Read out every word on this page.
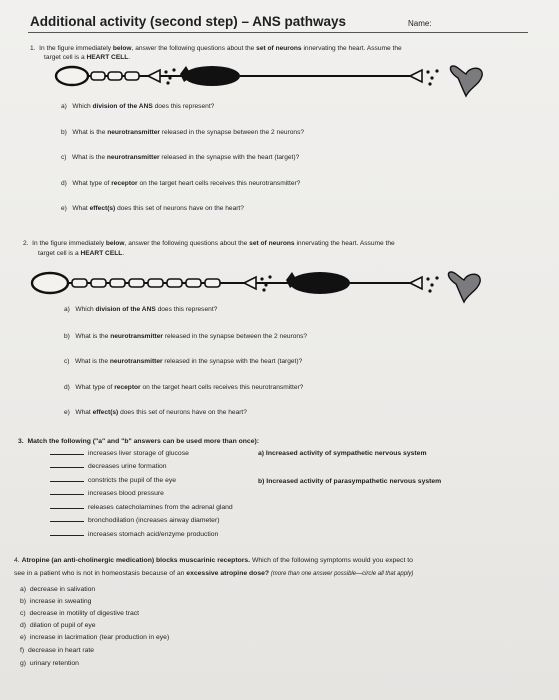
Additional activity (second step) – ANS pathways	Name:
1. In the figure immediately below, answer the following questions about the set of neurons innervating the heart. Assume the
target cell is a HEART CELL.
a) Which division of the ANS does this represent?
b) What is the neurotransmitter released in the synapse between the 2 neurons?
c) What is the neurotransmitter released in the synapse with the heart (target)?
d) What type of receptor on the target heart cells receives this neurotransmitter?
e) What effect(s) does this set of neurons have on the heart?
2. In the figure immediately below, answer the following questions about the set of neurons innervating the heart. Assume the
target cell is a HEART CELL.
a) Which division of the ANS does this represent?
b) What is the neurotransmitter released in the synapse between the 2 neurons?
c) What is the neurotransmitter released in the synapse with the heart (target)?
d) What type of receptor on the target heart cells receives this neurotransmitter?
e) What effect(s) does this set of neurons have on the heart?
3. Match the following ("a" and "b" answers can be used more than once):
a) Increased activity of sympathetic nervous system
b) Increased activity of parasympathetic nervous system
increases liver storage of glucose
decreases urine formation
constricts the pupil of the eye
increases blood pressure
releases catecholamines from the adrenal gland
bronchodilation (increases airway diameter)
increases stomach acid/enzyme production
4. Atropine (an anti-cholinergic medication) blocks muscarinic receptors. Which of the following symptoms would you expect to
see in a patient who is not in homeostasis because of an excessive atropine dose? (more than one answer possible—circle all that apply)
a) decrease in salivation
b) increase in sweating
c) decrease in motility of digestive tract
d) dilation of pupil of eye
e) increase in lacrimation (tear production in eye)
f) decrease in heart rate
g) urinary retention
